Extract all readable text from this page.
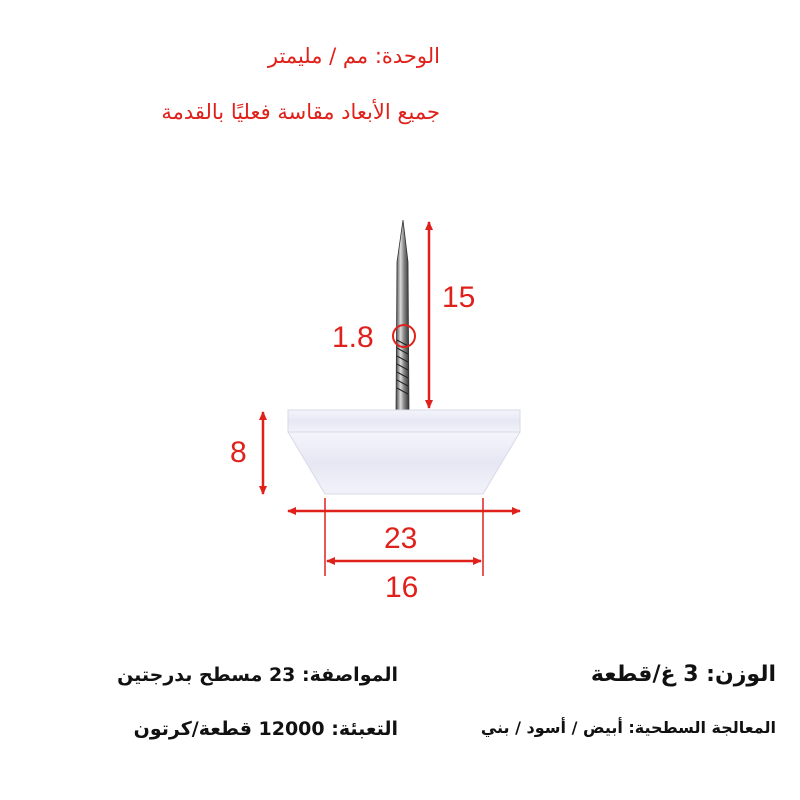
الوحدة: مم / مليمتر
جميع الأبعاد مقاسة فعليًا بالقدمة
15
1.8
8
23
16
المواصفة: 23 مسطح بدرجتين
التعبئة: 12000 قطعة/كرتون
الوزن: 3 غ/قطعة
المعالجة السطحية: أبيض / أسود / بني
